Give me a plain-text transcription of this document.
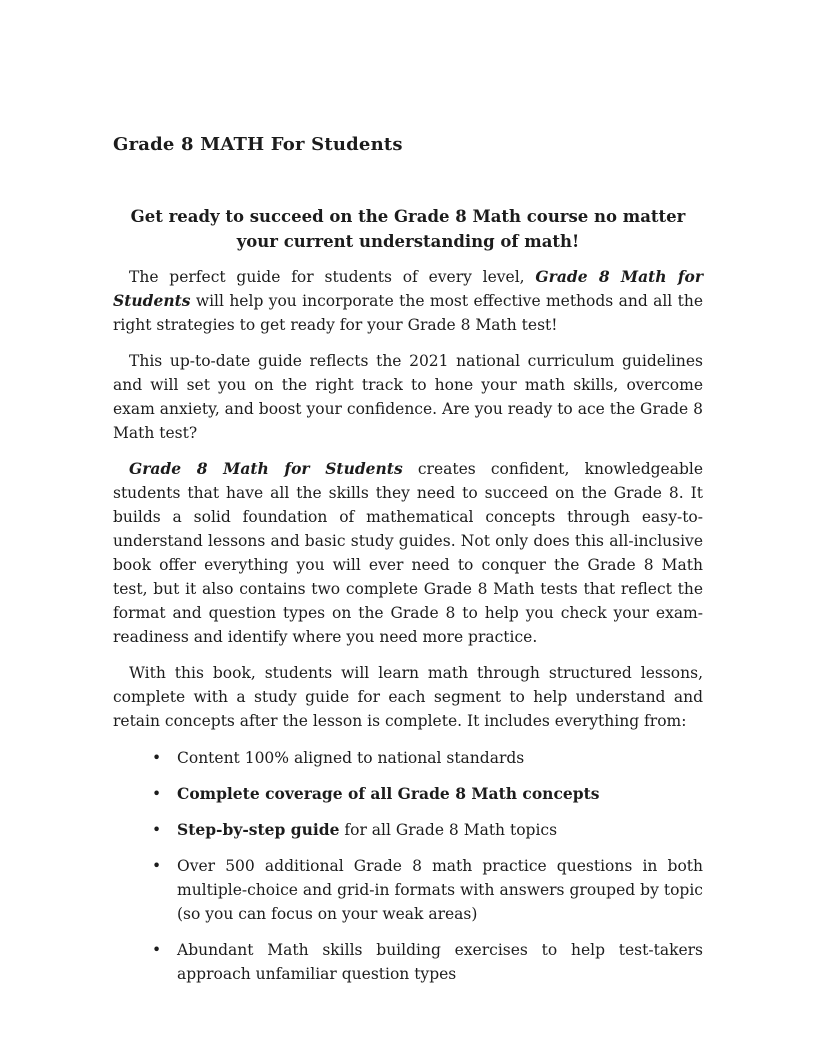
Grade 8 MATH For Students
Get ready to succeed on the Grade 8 Math course no matter your current understanding of math!

The perfect guide for students of every level, Grade 8 Math for Students will help you incorporate the most effective methods and all the right strategies to get ready for your Grade 8 Math test!

This up-to-date guide reflects the 2021 national curriculum guidelines and will set you on the right track to hone your math skills, overcome exam anxiety, and boost your confidence. Are you ready to ace the Grade 8 Math test?

Grade 8 Math for Students creates confident, knowledgeable students that have all the skills they need to succeed on the Grade 8. It builds a solid foundation of mathematical concepts through easy-to-understand lessons and basic study guides. Not only does this all-inclusive book offer everything you will ever need to conquer the Grade 8 Math test, but it also contains two complete Grade 8 Math tests that reflect the format and question types on the Grade 8 to help you check your exam-readiness and identify where you need more practice.

With this book, students will learn math through structured lessons, complete with a study guide for each segment to help understand and retain concepts after the lesson is complete. It includes everything from:

• Content 100% aligned to national standards
• Complete coverage of all Grade 8 Math concepts
• Step-by-step guide for all Grade 8 Math topics
• Over 500 additional Grade 8 math practice questions in both multiple-choice and grid-in formats with answers grouped by topic (so you can focus on your weak areas)
• Abundant Math skills building exercises to help test-takers approach unfamiliar question types
